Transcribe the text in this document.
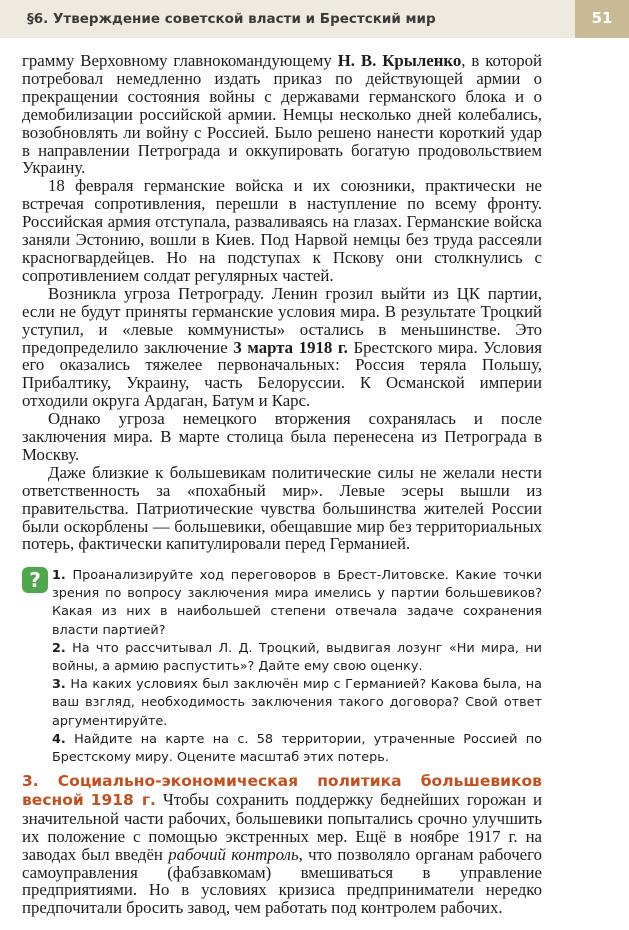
§6. Утверждение советской власти и Брестский мир	51

грамму Верховному главнокомандующему Н. В. Крыленко, в которой потребовал немедленно издать приказ по действующей армии о прекращении состояния войны с державами германского блока и о демобилизации российской армии. Немцы несколько дней колебались, возобновлять ли войну с Россией. Было решено нанести короткий удар в направлении Петрограда и оккупировать богатую продовольствием Украину.

18 февраля германские войска и их союзники, практически не встречая сопротивления, перешли в наступление по всему фронту. Российская армия отступала, разваливаясь на глазах. Германские войска заняли Эстонию, вошли в Киев. Под Нарвой немцы без труда рассеяли красногвардейцев. Но на подступах к Пскову они столкнулись с сопротивлением солдат регулярных частей.

Возникла угроза Петрограду. Ленин грозил выйти из ЦК партии, если не будут приняты германские условия мира. В результате Троцкий уступил, и «левые коммунисты» остались в меньшинстве. Это предопределило заключение 3 марта 1918 г. Брестского мира. Условия его оказались тяжелее первоначальных: Россия теряла Польшу, Прибалтику, Украину, часть Белоруссии. К Османской империи отходили округа Ардаган, Батум и Карс.

Однако угроза немецкого вторжения сохранялась и после заключения мира. В марте столица была перенесена из Петрограда в Москву.

Даже близкие к большевикам политические силы не желали нести ответственность за «похабный мир». Левые эсеры вышли из правительства. Патриотические чувства большинства жителей России были оскорблены — большевики, обещавшие мир без территориальных потерь, фактически капитулировали перед Германией.

? 1. Проанализируйте ход переговоров в Брест-Литовске. Какие точки зрения по вопросу заключения мира имелись у партии большевиков? Какая из них в наибольшей степени отвечала задаче сохранения власти партией?

2. На что рассчитывал Л. Д. Троцкий, выдвигая лозунг «Ни мира, ни войны, а армию распустить»? Дайте ему свою оценку.

3. На каких условиях был заключён мир с Германией? Какова была, на ваш взгляд, необходимость заключения такого договора? Свой ответ аргументируйте.

4. Найдите на карте на с. 58 территории, утраченные Россией по Брестскому миру. Оцените масштаб этих потерь.

3. Социально-экономическая политика большевиков весной 1918 г. Чтобы сохранить поддержку беднейших горожан и значительной части рабочих, большевики попытались срочно улучшить их положение с помощью экстренных мер. Ещё в ноябре 1917 г. на заводах был введён рабочий контроль, что позволяло органам рабочего самоуправления (фабзавкомам) вмешиваться в управление предприятиями. Но в условиях кризиса предприниматели нередко предпочитали бросить завод, чем работать под контролем рабочих.
